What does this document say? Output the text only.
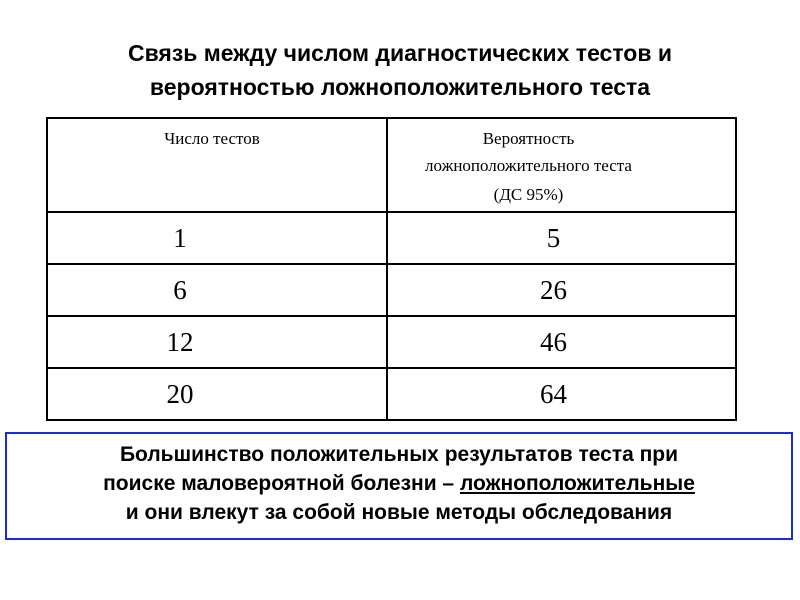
Связь между числом диагностических тестов и
вероятностью ложноположительного теста
Число тестов	Вероятность
ложноположительного теста
(ДС 95%)

1	5
6	26
12	46
20	64
Большинство положительных результатов теста при
поиске маловероятной болезни – ложноположительные
и они влекут за собой новые методы обследования
